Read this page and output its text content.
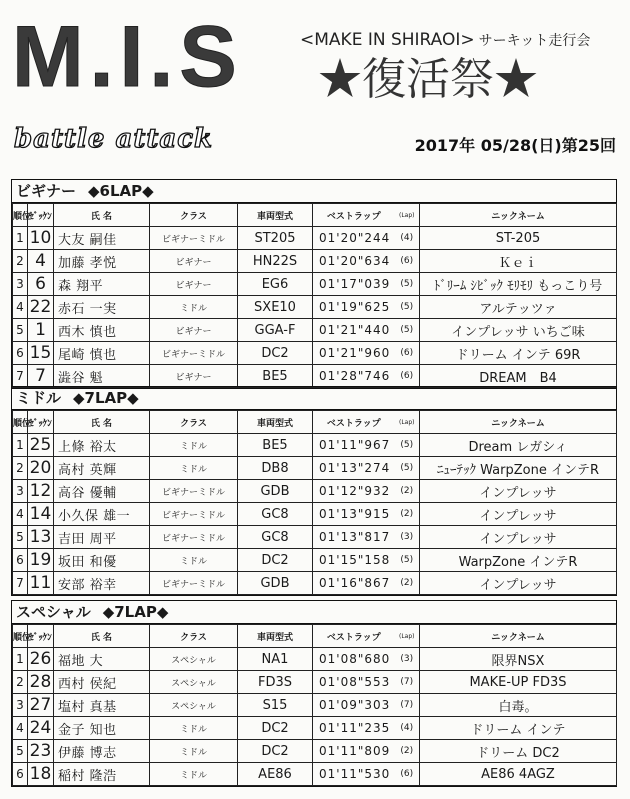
M.I.S	<MAKE IN SHIRAOI> サーキット走行会
★復活祭★
battle attack	2017年 05/28(日)第25回
ビギナー ◆6LAP◆
順位	ｾﾞｯｹﾝ	氏 名	クラス	車両型式	ベストラップ	(Lap)	ニックネーム
1	10	大友 嗣佳	ビギナーミドル	ST205	01'20"244	(4)	ST-205
2	4	加藤 孝悦	ビギナー	HN22S	01'20"634	(6)	Ｋｅｉ
3	6	森 翔平	ビギナー	EG6	01'17"039	(5)	ﾄﾞﾘｰﾑ ｼﾋﾞｯｸ ﾓﾘﾓﾘ もっこり号
4	22	赤石 一実	ミドル	SXE10	01'19"625	(5)	アルテッツァ
5	1	西木 慎也	ビギナー	GGA-F	01'21"440	(5)	インプレッサ いちご味
6	15	尾崎 慎也	ビギナーミドル	DC2	01'21"960	(6)	ドリーム インテ 69R
7	7	澁谷 魁	ビギナー	BE5	01'28"746	(6)	DREAM　B4
ミドル ◆7LAP◆
順位	ｾﾞｯｹﾝ	氏 名	クラス	車両型式	ベストラップ	(Lap)	ニックネーム
1	25	上條 裕太	ミドル	BE5	01'11"967	(5)	Dream レガシィ
2	20	高村 英輝	ミドル	DB8	01'13"274	(5)	ﾆｭｰﾃｯｸ WarpZone インテR
3	12	高谷 優輔	ビギナーミドル	GDB	01'12"932	(2)	インプレッサ
4	14	小久保 雄一	ビギナーミドル	GC8	01'13"915	(2)	インプレッサ
5	13	吉田 周平	ビギナーミドル	GC8	01'13"817	(3)	インプレッサ
6	19	坂田 和優	ミドル	DC2	01'15"158	(5)	WarpZone インテR
7	11	安部 裕幸	ビギナーミドル	GDB	01'16"867	(2)	インプレッサ
スペシャル ◆7LAP◆
順位	ｾﾞｯｹﾝ	氏 名	クラス	車両型式	ベストラップ	(Lap)	ニックネーム
1	26	福地 大	スペシャル	NA1	01'08"680	(3)	限界NSX
2	28	西村 侯紀	スペシャル	FD3S	01'08"553	(7)	MAKE-UP FD3S
3	27	塩村 真基	スペシャル	S15	01'09"303	(7)	白毒。
4	24	金子 知也	ミドル	DC2	01'11"235	(4)	ドリーム インテ
5	23	伊藤 博志	ミドル	DC2	01'11"809	(2)	ドリーム DC2
6	18	稲村 隆浩	ミドル	AE86	01'11"530	(6)	AE86 4AGZ
